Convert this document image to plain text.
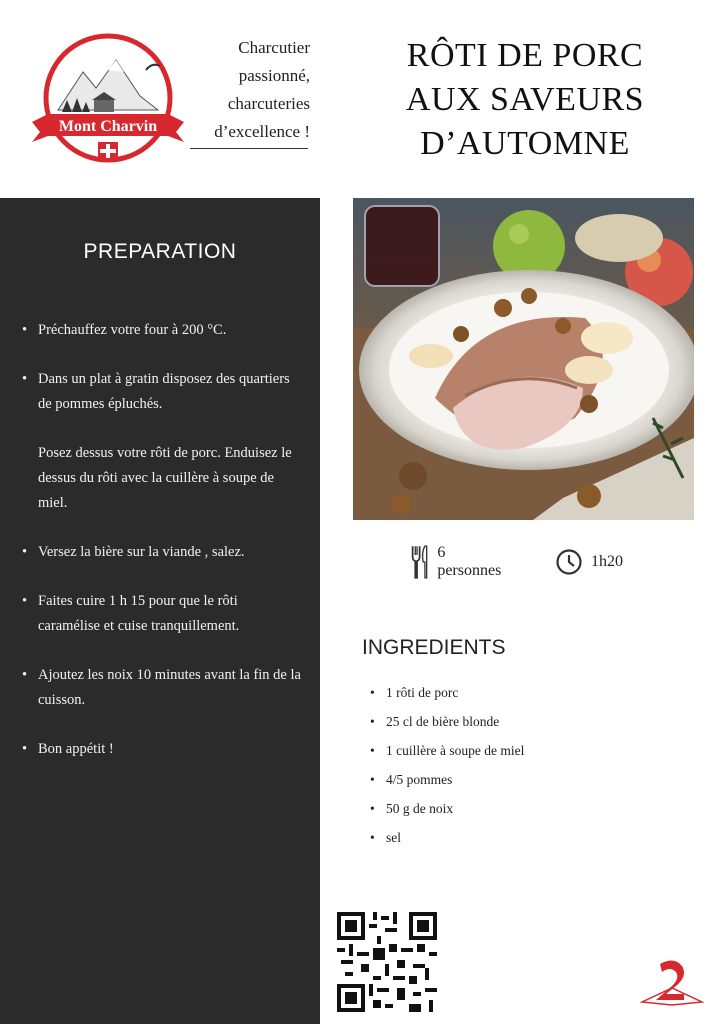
Mont Charvin
Charcutier
passionné,
charcuteries
d’excellence !
RÔTI DE PORC
AUX SAVEURS
D’AUTOMNE
PREPARATION
• Préchauffez votre four à 200 °C.
• Dans un plat à gratin disposez des quartiers de pommes épluchés.
Posez dessus votre rôti de porc. Enduisez le dessus du rôti avec la cuillère à soupe de miel.
• Versez la bière sur la viande , salez.
• Faites cuire 1 h 15 pour que le rôti caramélise et cuise tranquillement.
• Ajoutez les noix 10 minutes avant la fin de la cuisson.
• Bon appétit !
6 personnes
1h20
INGREDIENTS
• 1 rôti de porc
• 25 cl de bière blonde
• 1 cuillère à soupe de miel
• 4/5 pommes
• 50 g de noix
• sel
